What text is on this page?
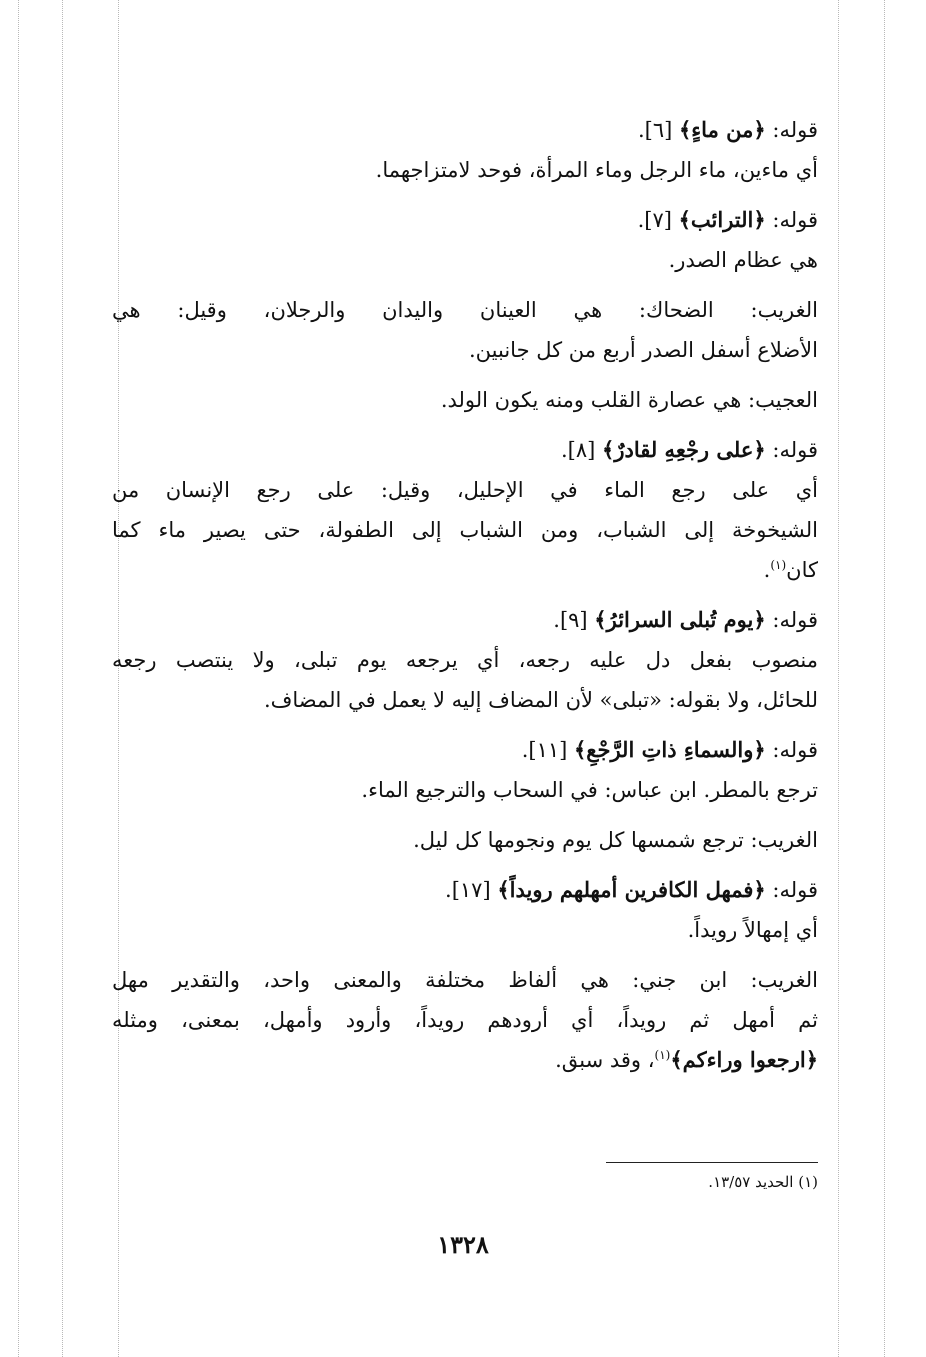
قوله: ﴿من ماءٍ﴾ [٦].
أي ماءين، ماء الرجل وماء المرأة، فوحد لامتزاجهما.
قوله: ﴿الترائب﴾ [٧].
هي عظام الصدر.
الغريب: الضحاك: هي العينان واليدان والرجلان، وقيل: هي
الأضلاع أسفل الصدر أربع من كل جانبين.
العجيب: هي عصارة القلب ومنه يكون الولد.
قوله: ﴿على رجْعِهِ لقادرٌ﴾ [٨].
أي على رجع الماء في الإحليل، وقيل: على رجع الإنسان من
الشيخوخة إلى الشباب، ومن الشباب إلى الطفولة، حتى يصير ماء كما
كان$^{(١)}$.
قوله: ﴿يوم تُبلى السرائرُ﴾ [٩].
منصوب بفعل دل عليه رجعه، أي يرجعه يوم تبلى، ولا ينتصب رجعه
للحائل، ولا بقوله: «تبلى» لأن المضاف إليه لا يعمل في المضاف.
قوله: ﴿والسماءِ ذاتِ الرَّجْعِ﴾ [١١].
ترجع بالمطر. ابن عباس: في السحاب والترجيع الماء.
الغريب: ترجع شمسها كل يوم ونجومها كل ليل.
قوله: ﴿فمهل الكافرين أمهلهم رويداً﴾ [١٧].
أي إمهالاً رويداً.
الغريب: ابن جني: هي ألفاظ مختلفة والمعنى واحد، والتقدير مهل
ثم أمهل ثم رويداً، أي أرودهم رويداً، وأرود وأمهل، بمعنى، ومثله
﴿ارجعوا وراءكم﴾$^{(١)}$، وقد سبق.
(١) الحديد ١٣/٥٧.
١٣٢٨
